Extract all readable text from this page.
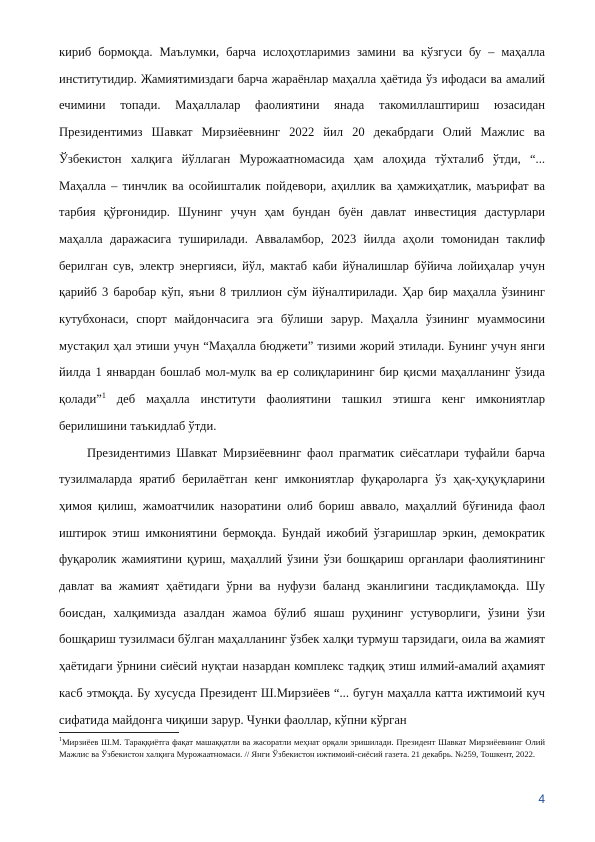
кириб бормоқда. Маълумки, барча ислоҳотларимиз замини ва кўзгуси бу – маҳалла институтидир. Жамиятимиздаги барча жараёнлар маҳалла ҳаётида ўз ифодаси ва амалий ечимини топади. Маҳаллалар фаолиятини янада такомиллаштириш юзасидан Президентимиз Шавкат Мирзиёевнинг 2022 йил 20 декабрдаги Олий Мажлис ва Ўзбекистон халқига йўллаган Мурожаатномасида ҳам алоҳида тўхталиб ўтди, “... Маҳалла – тинчлик ва осойишталик пойдевори, аҳиллик ва ҳамжиҳатлик, маърифат ва тарбия қўрғонидир. Шунинг учун ҳам бундан буён давлат инвестиция дастурлари маҳалла даражасига туширилади. Авваламбор, 2023 йилда аҳоли томонидан таклиф берилган сув, электр энергияси, йўл, мактаб каби йўналишлар бўйича лойиҳалар учун қарийб 3 баробар кўп, яъни 8 триллион сўм йўналтирилади. Ҳар бир маҳалла ўзининг кутубхонаси, спорт майдончасига эга бўлиши зарур. Маҳалла ўзининг муаммосини мустақил ҳал этиши учун “Маҳалла бюджети” тизими жорий этилади. Бунинг учун янги йилда 1 январдан бошлаб мол-мулк ва ер солиқларининг бир қисми маҳалланинг ўзида қолади”$^1$ деб маҳалла институти фаолиятини ташкил этишга кенг имкониятлар берилишини таъкидлаб ўтди.

Президентимиз Шавкат Мирзиёевнинг фаол прагматик сиёсатлари туфайли барча тузилмаларда яратиб берилаётган кенг имкониятлар фуқароларга ўз ҳақ-ҳуқуқларини ҳимоя қилиш, жамоатчилик назоратини олиб бориш аввало, маҳаллий бўғинида фаол иштирок этиш имкониятини бермоқда. Бундай ижобий ўзгаришлар эркин, демократик фуқаролик жамиятини қуриш, маҳаллий ўзини ўзи бошқариш органлари фаолиятининг давлат ва жамият ҳаётидаги ўрни ва нуфузи баланд эканлигини тасдиқламоқда. Шу боисдан, халқимизда азалдан жамоа бўлиб яшаш руҳининг устуворлиги, ўзини ўзи бошқариш тузилмаси бўлган маҳалланинг ўзбек халқи турмуш тарзидаги, оила ва жамият ҳаётидаги ўрнини сиёсий нуқтаи назардан комплекс тадқиқ этиш илмий-амалий аҳамият касб этмоқда. Бу хусусда Президент Ш.Мирзиёев “... бугун маҳалла катта ижтимоий куч сифатида майдонга чиқиши зарур. Чунки фаоллар, кўпни кўрган

$^1$Мирзиёев Ш.М. Тараққиётга фақат машаққатли ва жасоратли меҳнат орқали эришилади. Президент Шавкат Мирзиёевнинг Олий Мажлис ва Ўзбекистон халқига Мурожаатномаси. // Янги Ўзбекистон ижтимоий-сиёсий газета. 21 декабрь. №259, Тошкент, 2022.
4
